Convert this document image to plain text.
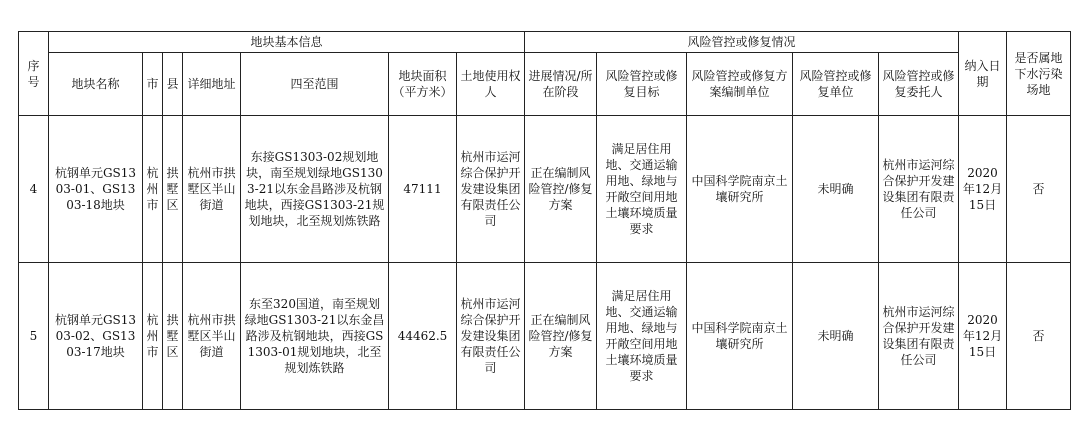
序号	地块基本信息							风险管控或修复情况					纳入日期	是否属地下水污染场地
	地块名称	市	县	详细地址	四至范围	地块面积（平方米）	土地使用权人	进展情况/所在阶段	风险管控或修复目标	风险管控或修复方案编制单位	风险管控或修复单位	风险管控或修复委托人		
4	杭钢单元GS1303-01、GS1303-18地块	杭州市	拱墅区	杭州市拱墅区半山街道	东接GS1303-02规划地块，南至规划绿地GS1303-21以东金昌路涉及杭钢地块，西接GS1303-21规划地块，北至规划炼铁路	47111	杭州市运河综合保护开发建设集团有限责任公司	正在编制风险管控/修复方案	满足居住用地、交通运输用地、绿地与开敞空间用地土壤环境质量要求	中国科学院南京土壤研究所	未明确	杭州市运河综合保护开发建设集团有限责任公司	2020年12月15日	否
5	杭钢单元GS1303-02、GS1303-17地块	杭州市	拱墅区	杭州市拱墅区半山街道	东至320国道，南至规划绿地GS1303-21以东金昌路涉及杭钢地块，西接GS1303-01规划地块，北至规划炼铁路	44462.5	杭州市运河综合保护开发建设集团有限责任公司	正在编制风险管控/修复方案	满足居住用地、交通运输用地、绿地与开敞空间用地土壤环境质量要求	中国科学院南京土壤研究所	未明确	杭州市运河综合保护开发建设集团有限责任公司	2020年12月15日	否
